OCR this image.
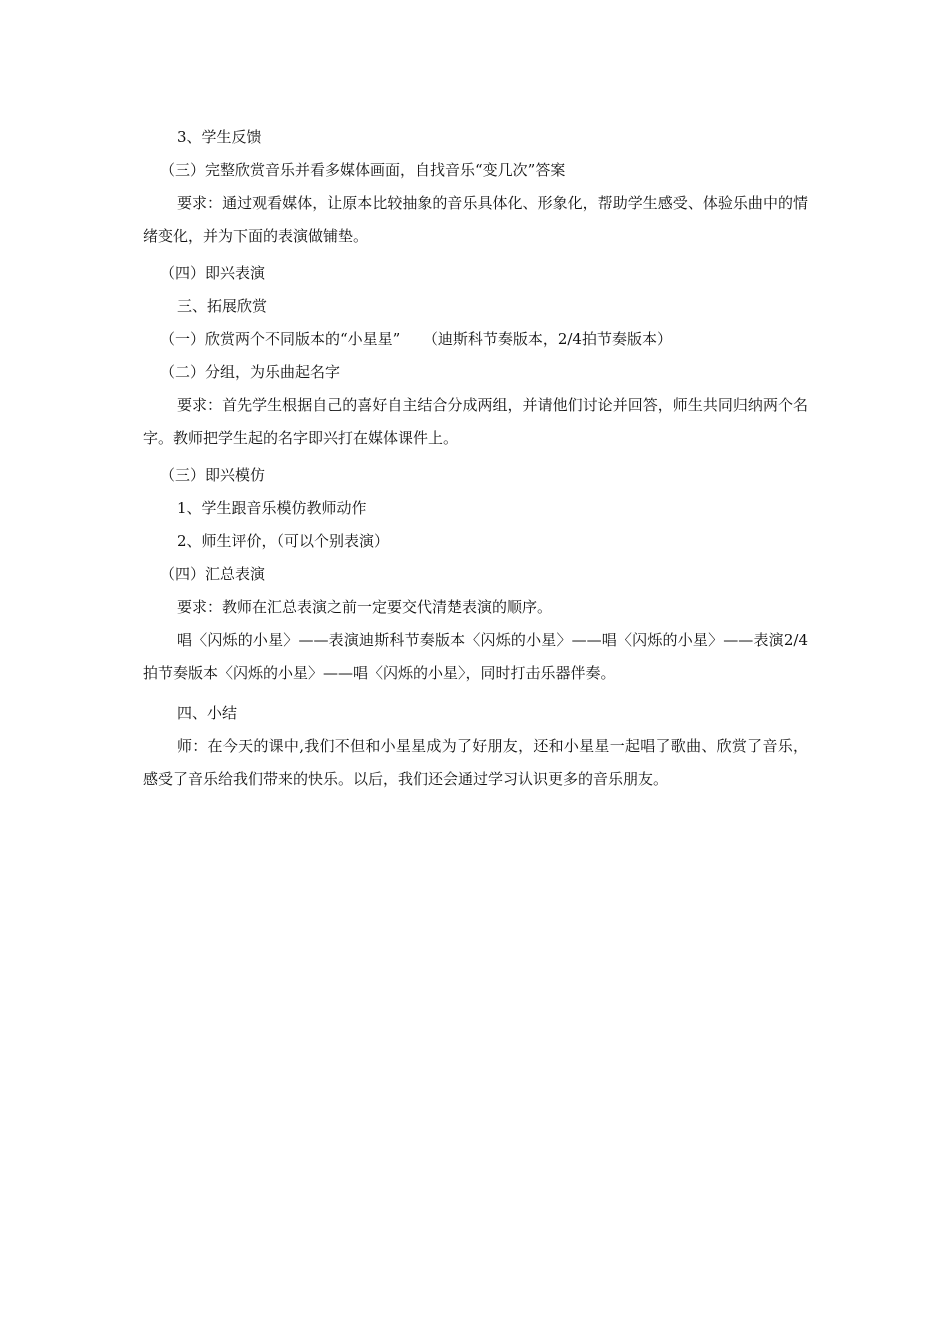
3、学生反馈
（三）完整欣赏音乐并看多媒体画面，自找音乐“变几次”答案
要求：通过观看媒体，让原本比较抽象的音乐具体化、形象化，帮助学生感受、体验乐曲中的情绪变化，并为下面的表演做铺垫。
（四）即兴表演
三、拓展欣赏
（一）欣赏两个不同版本的“小星星”　　（迪斯科节奏版本，2/4拍节奏版本）
（二）分组，为乐曲起名字
要求：首先学生根据自己的喜好自主结合分成两组，并请他们讨论并回答，师生共同归纳两个名字。教师把学生起的名字即兴打在媒体课件上。
（三）即兴模仿
1、学生跟音乐模仿教师动作
2、师生评价，（可以个别表演）
（四）汇总表演
要求：教师在汇总表演之前一定要交代清楚表演的顺序。
唱〈闪烁的小星〉——表演迪斯科节奏版本〈闪烁的小星〉——唱〈闪烁的小星〉——表演2/4拍节奏版本〈闪烁的小星〉——唱〈闪烁的小星〉，同时打击乐器伴奏。
四、小结
师：在今天的课中,我们不但和小星星成为了好朋友，还和小星星一起唱了歌曲、欣赏了音乐，感受了音乐给我们带来的快乐。以后，我们还会通过学习认识更多的音乐朋友。
